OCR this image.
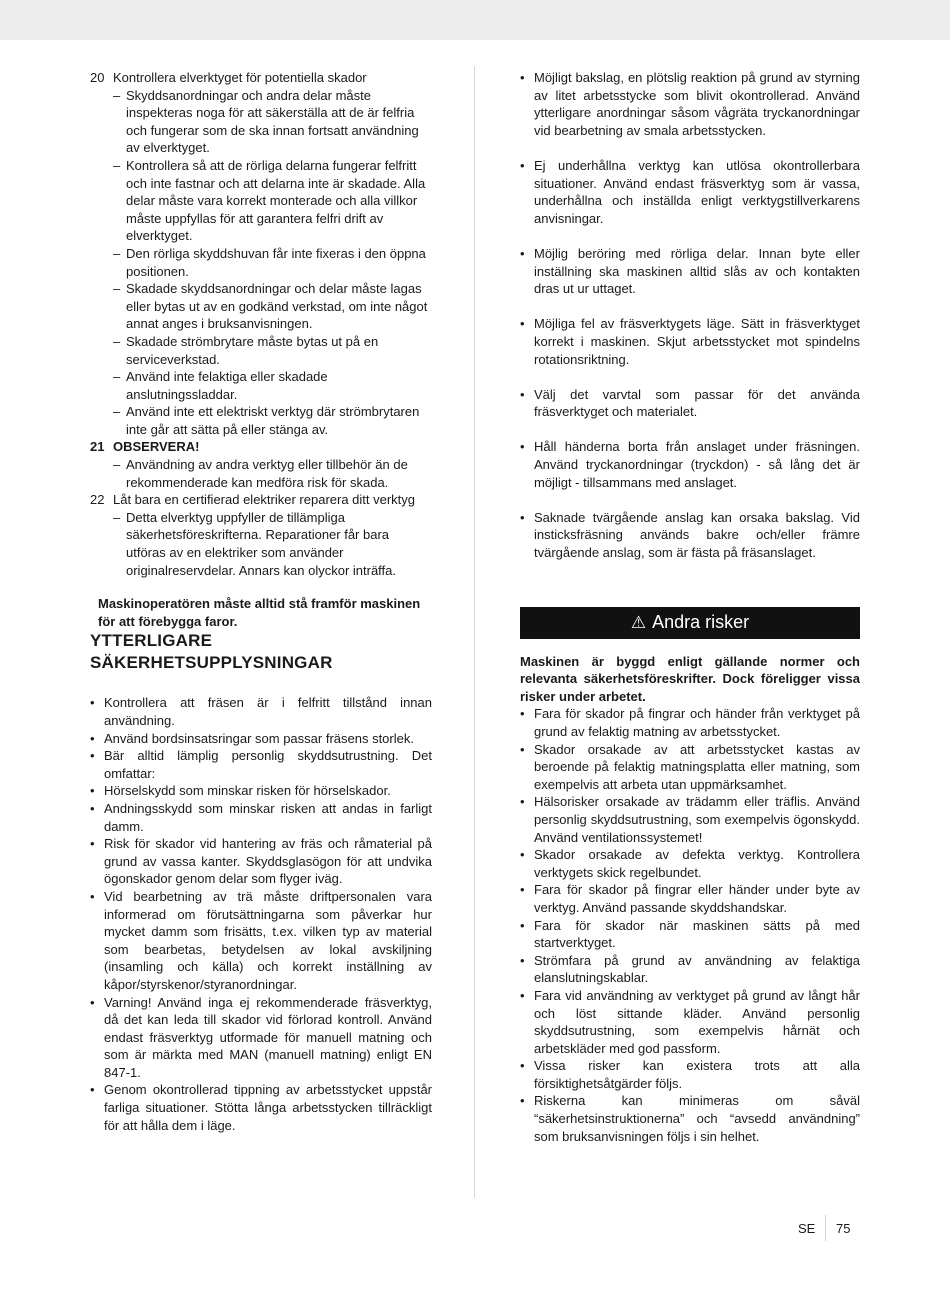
20 Kontrollera elverktyget för potentiella skador

– Skyddsanordningar och andra delar måste inspekteras noga för att säkerställa att de är felfria och fungerar som de ska innan fortsatt användning av elverktyget.
– Kontrollera så att de rörliga delarna fungerar felfritt och inte fastnar och att delarna inte är skadade. Alla delar måste vara korrekt monterade och alla villkor måste uppfyllas för att garantera felfri drift av elverktyget.
– Den rörliga skyddshuvan får inte fixeras i den öppna positionen.
– Skadade skyddsanordningar och delar måste lagas eller bytas ut av en godkänd verkstad, om inte något annat anges i bruksanvisningen.
– Skadade strömbrytare måste bytas ut på en serviceverkstad.
– Använd inte felaktiga eller skadade anslutningssladdar.
– Använd inte ett elektriskt verktyg där strömbrytaren inte går att sätta på eller stänga av.
21 OBSERVERA!

– Användning av andra verktyg eller tillbehör än de rekommenderade kan medföra risk för skada.
22 Låt bara en certifierad elektriker reparera ditt verktyg

– Detta elverktyg uppfyller de tillämpliga säkerhetsföreskrifterna. Reparationer får bara utföras av en elektriker som använder originalreservdelar. Annars kan olyckor inträffa.

Maskinoperatören måste alltid stå framför maskinen för att förebygga faror.

YTTERLIGARE
SÄKERHETSUPPLYSNINGAR
• Kontrollera att fräsen är i felfritt tillstånd innan användning.
• Använd bordsinsatsringar som passar fräsens storlek.
• Bär alltid lämplig personlig skyddsutrustning. Det omfattar:
• Hörselskydd som minskar risken för hörselskador.
• Andningsskydd som minskar risken att andas in farligt damm.
• Risk för skador vid hantering av fräs och råmaterial på grund av vassa kanter. Skyddsglasögon för att undvika ögonskador genom delar som flyger iväg.
• Vid bearbetning av trä måste driftpersonalen vara informerad om förutsättningarna som påverkar hur mycket damm som frisätts, t.ex. vilken typ av material som bearbetas, betydelsen av lokal avskiljning (insamling och källa) och korrekt inställning av kåpor/styrskenor/styranordningar.
• Varning! Använd inga ej rekommenderade fräsverktyg, då det kan leda till skador vid förlorad kontroll. Använd endast fräsverktyg utformade för manuell matning och som är märkta med MAN (manuell matning) enligt EN 847-1.
• Genom okontrollerad tippning av arbetsstycket uppstår farliga situationer. Stötta långa arbetsstycken tillräckligt för att hålla dem i läge.
• Möjligt bakslag, en plötslig reaktion på grund av styrning av litet arbetsstycke som blivit okontrollerad. Använd ytterligare anordningar såsom vågräta tryckanordningar vid bearbetning av smala arbetsstycken.
• Ej underhållna verktyg kan utlösa okontrollerbara situationer. Använd endast fräsverktyg som är vassa, underhållna och inställda enligt verktygstillverkarens anvisningar.
• Möjlig beröring med rörliga delar. Innan byte eller inställning ska maskinen alltid slås av och kontakten dras ut ur uttaget.
• Möjliga fel av fräsverktygets läge. Sätt in fräsverktyget korrekt i maskinen. Skjut arbetsstycket mot spindelns rotationsriktning.
• Välj det varvtal som passar för det använda fräsverktyget och materialet.
• Håll händerna borta från anslaget under fräsningen. Använd tryckanordningar (tryckdon) - så lång det är möjligt - tillsammans med anslaget.
• Saknade tvärgående anslag kan orsaka bakslag. Vid insticksfräsning används bakre och/eller främre tvärgående anslag, som är fästa på fräsanslaget.
⚠ Andra risker

Maskinen är byggd enligt gällande normer och relevanta säkerhetsföreskrifter. Dock föreligger vissa risker under arbetet.

• Fara för skador på fingrar och händer från verktyget på grund av felaktig matning av arbetsstycket.
• Skador orsakade av att arbetsstycket kastas av beroende på felaktig matningsplatta eller matning, som exempelvis att arbeta utan uppmärksamhet.
• Hälsorisker orsakade av trädamm eller träflis. Använd personlig skyddsutrustning, som exempelvis ögonskydd. Använd ventilationssystemet!
• Skador orsakade av defekta verktyg. Kontrollera verktygets skick regelbundet.
• Fara för skador på fingrar eller händer under byte av verktyg. Använd passande skyddshandskar.
• Fara för skador när maskinen sätts på med startverktyget.
• Strömfara på grund av användning av felaktiga elanslutningskablar.
• Fara vid användning av verktyget på grund av långt hår och löst sittande kläder. Använd personlig skyddsutrustning, som exempelvis hårnät och arbetskläder med god passform.
• Vissa risker kan existera trots att alla försiktighetsåtgärder följs.
• Riskerna kan minimeras om såväl “säkerhetsinstruktionerna” och “avsedd användning” som bruksanvisningen följs i sin helhet.
SE 75
